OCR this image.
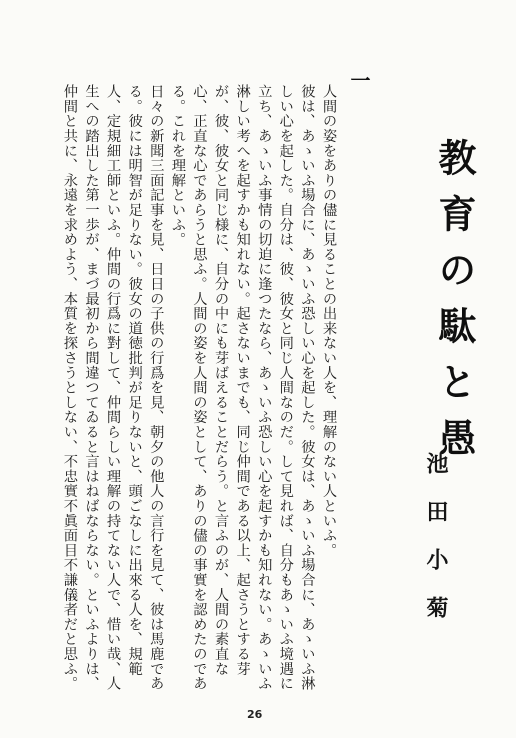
教育の駄と愚
池田小菊
一

人間の姿をありの儘に見ることの出来ない人を、理解のない人といふ。

彼は、あゝいふ場合に、あゝいふ恐しい心を起した。彼女は、あゝいふ場合に、あゝいふ淋しい心を起した。自分は、彼、彼女と同じ人間なのだ。して見れば、自分もあゝいふ境遇に立ち、あゝいふ事情の切迫に逢つたなら、あゝいふ恐しい心を起すかも知れない。あゝいふ淋しい考へを起すかも知れない。起さないまでも、同じ仲間である以上、起さうとする芽が、彼、彼女と同じ様に、自分の中にも芽ばえることだらう。と言ふのが、人間の素直な心、正直な心であらうと思ふ。人間の姿を人間の姿として、ありの儘の事實を認めたのである。これを理解といふ。

日々の新聞三面記事を見、日日の子供の行爲を見、朝夕の他人の言行を見て、彼は馬鹿である。彼には明智が足りない。彼女の道徳批判が足りないと、頭ごなしに出來る人を、規範人、定規細工師といふ。仲間の行爲に對して、仲間らしい理解の持てない人で、惜い哉、人生への踏出した第一歩が、まづ最初から間違つてゐると言はねばならない。といふよりは、仲間と共に、永遠を求めよう、本質を探さうとしない、不忠實不眞面目不謙儀者だと思ふ。

26
